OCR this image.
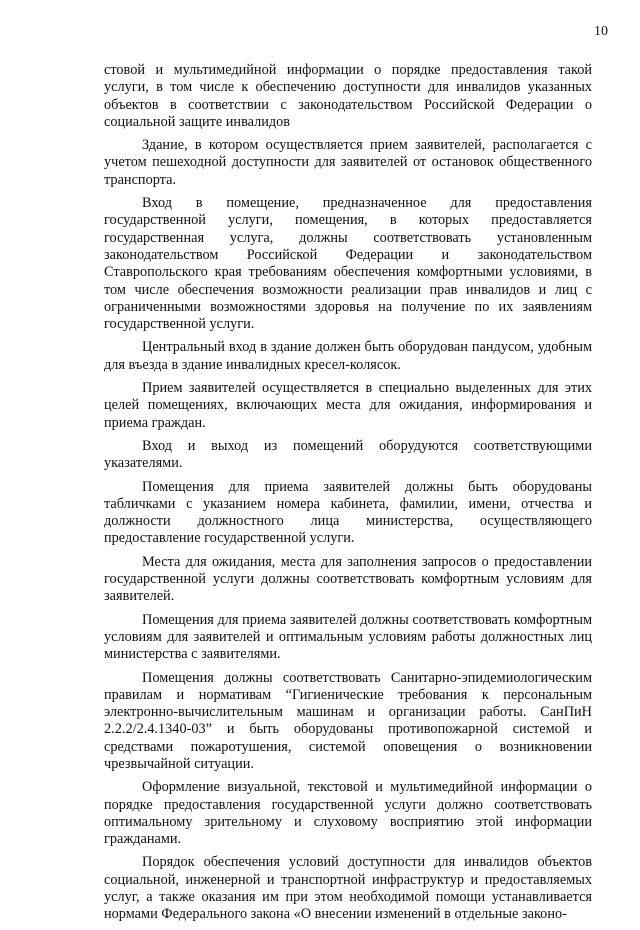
10

стовой и мультимедийной информации о порядке предоставления такой услуги, в том числе к обеспечению доступности для инвалидов указанных объектов в соответствии с законодательством Российской Федерации о социальной защите инвалидов

Здание, в котором осуществляется прием заявителей, располагается с учетом пешеходной доступности для заявителей от остановок общественного транспорта.

Вход в помещение, предназначенное для предоставления государственной услуги, помещения, в которых предоставляется государственная услуга, должны соответствовать установленным законодательством Российской Федерации и законодательством Ставропольского края требованиям обеспечения комфортными условиями, в том числе обеспечения возможности реализации прав инвалидов и лиц с ограниченными возможностями здоровья на получение по их заявлениям государственной услуги.

Центральный вход в здание должен быть оборудован пандусом, удобным для въезда в здание инвалидных кресел-колясок.

Прием заявителей осуществляется в специально выделенных для этих целей помещениях, включающих места для ожидания, информирования и приема граждан.

Вход и выход из помещений оборудуются соответствующими указателями.

Помещения для приема заявителей должны быть оборудованы табличками с указанием номера кабинета, фамилии, имени, отчества и должности должностного лица министерства, осуществляющего предоставление государственной услуги.

Места для ожидания, места для заполнения запросов о предоставлении государственной услуги должны соответствовать комфортным условиям для заявителей.

Помещения для приема заявителей должны соответствовать комфортным условиям для заявителей и оптимальным условиям работы должностных лиц министерства с заявителями.

Помещения должны соответствовать Санитарно-эпидемиологическим правилам и нормативам “Гигиенические требования к персональным электронно-вычислительным машинам и организации работы. СанПиН 2.2.2/2.4.1340-03” и быть оборудованы противопожарной системой и средствами пожаротушения, системой оповещения о возникновении чрезвычайной ситуации.

Оформление визуальной, текстовой и мультимедийной информации о порядке предоставления государственной услуги должно соответствовать оптимальному зрительному и слуховому восприятию этой информации гражданами.

Порядок обеспечения условий доступности для инвалидов объектов социальной, инженерной и транспортной инфраструктур и предоставляемых услуг, а также оказания им при этом необходимой помощи устанавливается нормами Федерального закона «О внесении изменений в отдельные законо-
